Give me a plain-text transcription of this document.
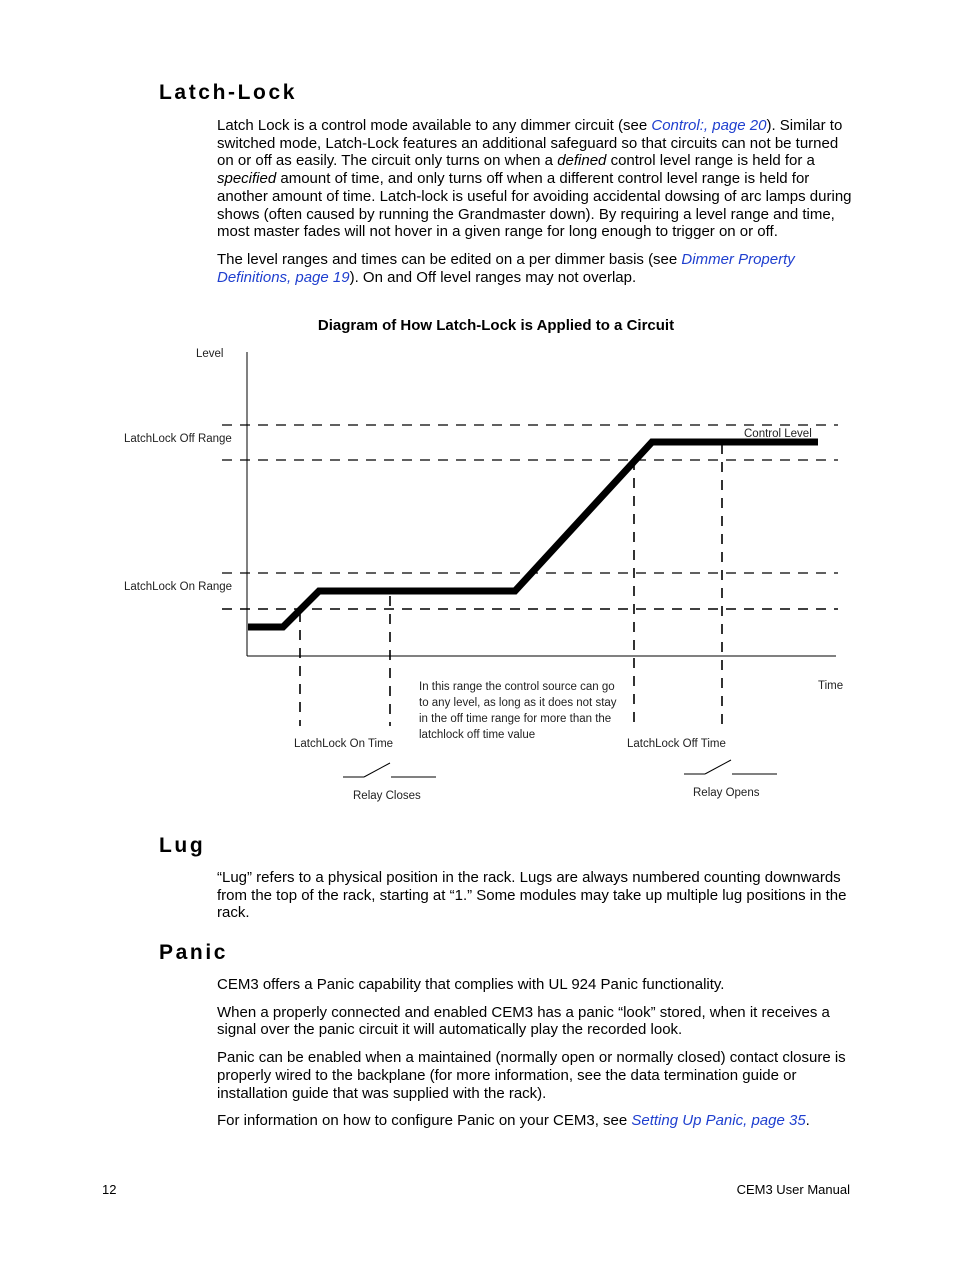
Latch-Lock

Latch Lock is a control mode available to any dimmer circuit (see Control:, page 20). Similar to switched mode, Latch-Lock features an additional safeguard so that circuits can not be turned on or off as easily. The circuit only turns on when a defined control level range is held for a specified amount of time, and only turns off when a different control level range is held for another amount of time. Latch-lock is useful for avoiding accidental dowsing of arc lamps during shows (often caused by running the Grandmaster down). By requiring a level range and time, most master fades will not hover in a given range for long enough to trigger on or off.

The level ranges and times can be edited on a per dimmer basis (see Dimmer Property Definitions, page 19). On and Off level ranges may not overlap.

Diagram of How Latch-Lock is Applied to a Circuit
Level
LatchLock Off Range
LatchLock On Range
Control Level
Time
LatchLock On Time	LatchLock Off Time
In this range the control source can go
to any level, as long as it does not stay
in the off time range for more than the
latchlock off time value
Relay Closes	Relay Opens
Lug

“Lug” refers to a physical position in the rack. Lugs are always numbered counting downwards from the top of the rack, starting at “1.” Some modules may take up multiple lug positions in the rack.

Panic

CEM3 offers a Panic capability that complies with UL 924 Panic functionality.

When a properly connected and enabled CEM3 has a panic “look” stored, when it receives a signal over the panic circuit it will automatically play the recorded look.

Panic can be enabled when a maintained (normally open or normally closed) contact closure is properly wired to the backplane (for more information, see the data termination guide or installation guide that was supplied with the rack).

For information on how to configure Panic on your CEM3, see Setting Up Panic, page 35.

12	CEM3 User Manual
